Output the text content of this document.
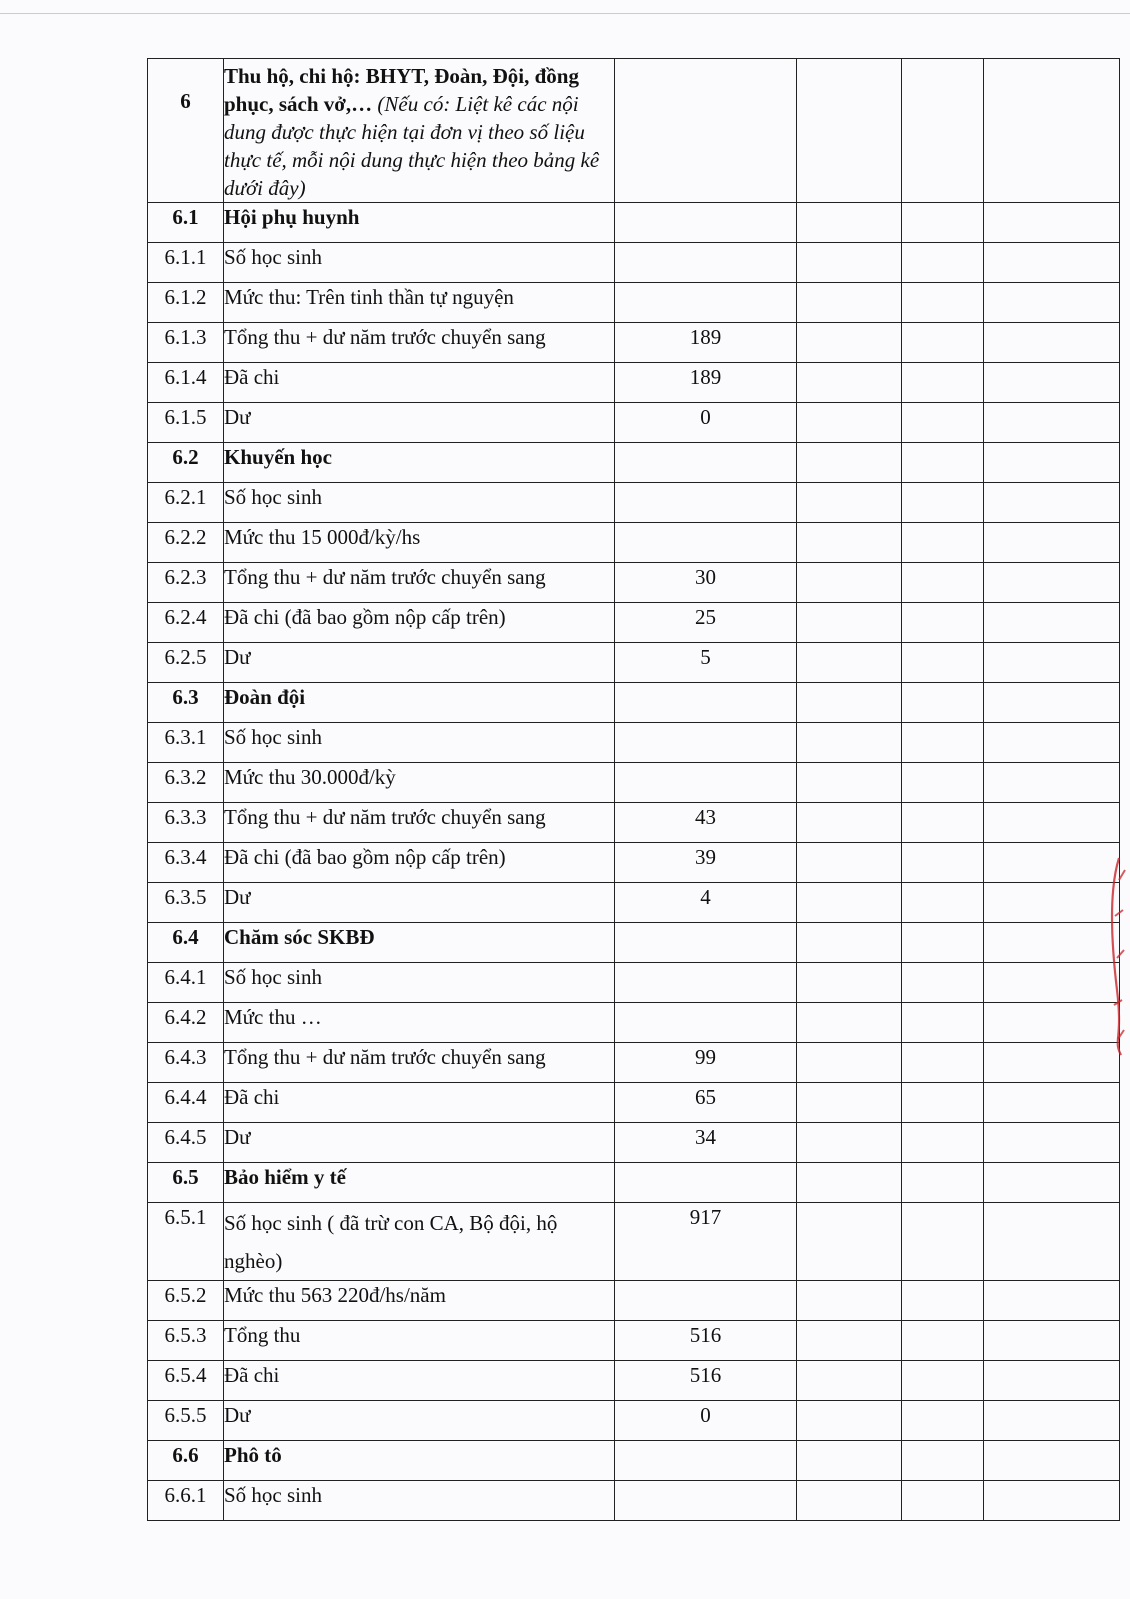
6	Thu hộ, chi hộ: BHYT, Đoàn, Đội, đồng phục, sách vở,… (Nếu có: Liệt kê các nội dung được thực hiện tại đơn vị theo số liệu thực tế, mỗi nội dung thực hiện theo bảng kê dưới đây)				
6.1	Hội phụ huynh				
6.1.1	Số học sinh				
6.1.2	Mức thu: Trên tinh thần tự nguyện				
6.1.3	Tổng thu + dư năm trước chuyển sang	189			
6.1.4	Đã chi	189			
6.1.5	Dư	0			
6.2	Khuyến học				
6.2.1	Số học sinh				
6.2.2	Mức thu 15 000đ/kỳ/hs				
6.2.3	Tổng thu + dư năm trước chuyển sang	30			
6.2.4	Đã chi (đã bao gồm nộp cấp trên)	25			
6.2.5	Dư	5			
6.3	Đoàn đội				
6.3.1	Số học sinh				
6.3.2	Mức thu 30.000đ/kỳ				
6.3.3	Tổng thu + dư năm trước chuyển sang	43			
6.3.4	Đã chi (đã bao gồm nộp cấp trên)	39			
6.3.5	Dư	4			
6.4	Chăm sóc SKBĐ				
6.4.1	Số học sinh				
6.4.2	Mức thu …				
6.4.3	Tổng thu + dư năm trước chuyển sang	99			
6.4.4	Đã chi	65			
6.4.5	Dư	34			
6.5	Bảo hiểm y tế				
6.5.1	Số học sinh ( đã trừ con CA, Bộ đội, hộ nghèo)	917			
6.5.2	Mức thu 563 220đ/hs/năm				
6.5.3	Tổng thu	516			
6.5.4	Đã chi	516			
6.5.5	Dư	0			
6.6	Phô tô				
6.6.1	Số học sinh				
